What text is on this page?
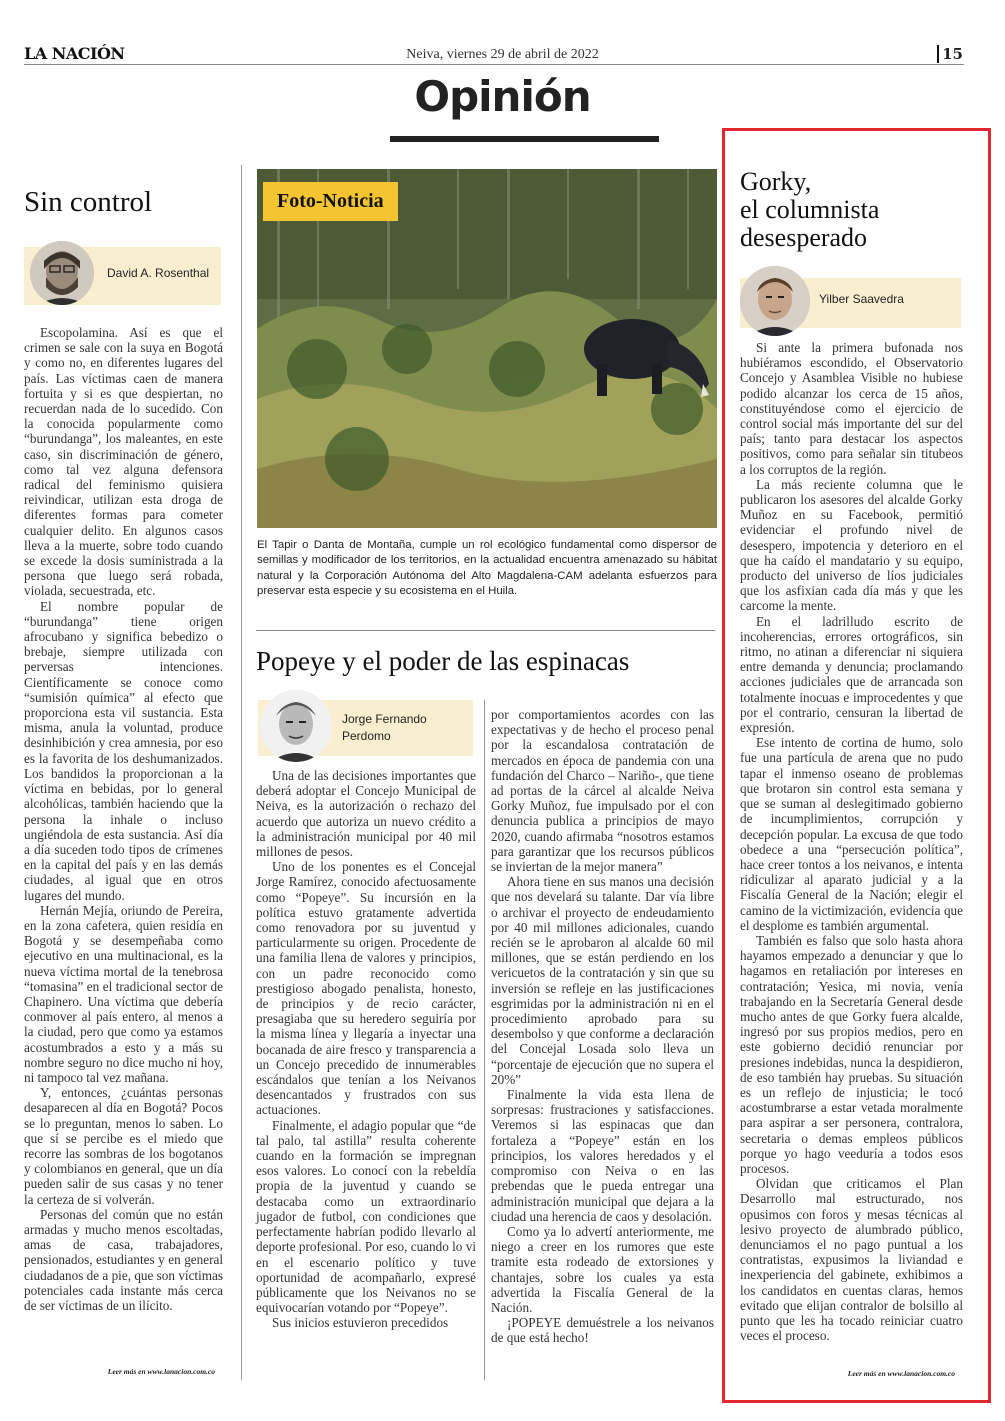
LA NACIÓN	Neiva, viernes 29 de abril de 2022	15
Opinión
Sin control
David A. Rosenthal

Escopolamina. Así es que el crimen se sale con la suya en Bogotá y como no, en diferentes lugares del país. Las víctimas caen de manera fortuita y si es que despiertan, no recuerdan nada de lo sucedido. Con la conocida popularmente como “burundanga”, los maleantes, en este caso, sin discriminación de género, como tal vez alguna defensora radical del feminismo quisiera reivindicar, utilizan esta droga de diferentes formas para cometer cualquier delito. En algunos casos lleva a la muerte, sobre todo cuando se excede la dosis suministrada a la persona que luego será robada, violada, secuestrada, etc.

El nombre popular de “burundanga” tiene origen afrocubano y significa bebedizo o brebaje, siempre utilizada con perversas intenciones. Científicamente se conoce como “sumisión química” al efecto que proporciona esta vil sustancia. Esta misma, anula la voluntad, produce desinhibición y crea amnesia, por eso es la favorita de los deshumanizados. Los bandidos la proporcionan a la víctima en bebidas, por lo general alcohólicas, también haciendo que la persona la inhale o incluso ungiéndola de esta sustancia. Así día a día suceden todo tipos de crímenes en la capital del país y en las demás ciudades, al igual que en otros lugares del mundo.

Hernán Mejía, oriundo de Pereira, en la zona cafetera, quien residía en Bogotá y se desempeñaba como ejecutivo en una multinacional, es la nueva víctima mortal de la tenebrosa “tomasina” en el tradicional sector de Chapinero. Una víctima que debería conmover al país entero, al menos a la ciudad, pero que como ya estamos acostumbrados a esto y a más su nombre seguro no dice mucho ni hoy, ni tampoco tal vez mañana.

Y, entonces, ¿cuántas personas desaparecen al día en Bogotá? Pocos se lo preguntan, menos lo saben. Lo que sí se percibe es el miedo que recorre las sombras de los bogotanos y colombianos en general, que un día pueden salir de sus casas y no tener la certeza de si volverán.

Personas del común que no están armadas y mucho menos escoltadas, amas de casa, trabajadores, pensionados, estudiantes y en general ciudadanos de a pie, que son víctimas potenciales cada instante más cerca de ser víctimas de un ilícito.

Leer más en www.lanacion.com.co
Foto-Noticia

El Tapir o Danta de Montaña, cumple un rol ecológico fundamental como dispersor de semillas y modificador de los territorios, en la actualidad encuentra amenazado su hábitat natural y la Corporación Autónoma del Alto Magdalena-CAM adelanta esfuerzos para preservar esta especie y su ecosistema en el Huila.

Popeye y el poder de las espinacas
Jorge Fernando
Perdomo

Una de las decisiones importantes que deberá adoptar el Concejo Municipal de Neiva, es la autorización o rechazo del acuerdo que autoriza un nuevo crédito a la administración municipal por 40 mil millones de pesos.

Uno de los ponentes es el Concejal Jorge Ramírez, conocido afectuosamente como “Popeye”. Su incursión en la política estuvo gratamente advertida como renovadora por su juventud y particularmente su origen. Procedente de una familia llena de valores y principios, con un padre reconocido como prestigioso abogado penalista, honesto, de principios y de recio carácter, presagiaba que su heredero seguiría por la misma línea y llegaría a inyectar una bocanada de aire fresco y transparencia a un Concejo precedido de innumerables escándalos que tenían a los Neivanos desencantados y frustrados con sus actuaciones.

Finalmente, el adagio popular que “de tal palo, tal astilla” resulta coherente cuando en la formación se impregnan esos valores. Lo conocí con la rebeldía propia de la juventud y cuando se destacaba como un extraordinario jugador de futbol, con condiciones que perfectamente habrían podido llevarlo al deporte profesional. Por eso, cuando lo vi en el escenario político y tuve oportunidad de acompañarlo, expresé públicamente que los Neivanos no se equivocarían votando por “Popeye”.

Sus inicios estuvieron precedidos

por comportamientos acordes con las expectativas y de hecho el proceso penal por la escandalosa contratación de mercados en época de pandemia con una fundación del Charco – Nariño-, que tiene ad portas de la cárcel al alcalde Neiva Gorky Muñoz, fue impulsado por el con denuncia publica a principios de mayo 2020, cuando afirmaba “nosotros estamos para garantizar que los recursos públicos se inviertan de la mejor manera”

Ahora tiene en sus manos una decisión que nos develará su talante. Dar vía libre o archivar el proyecto de endeudamiento por 40 mil millones adicionales, cuando recién se le aprobaron al alcalde 60 mil millones, que se están perdiendo en los vericuetos de la contratación y sin que su inversión se refleje en las justificaciones esgrimidas por la administración ni en el procedimiento aprobado para su desembolso y que conforme a declaración del Concejal Losada solo lleva un “porcentaje de ejecución que no supera el 20%”

Finalmente la vida esta llena de sorpresas: frustraciones y satisfacciones. Veremos si las espinacas que dan fortaleza a “Popeye” están en los principios, los valores heredados y el compromiso con Neiva o en las prebendas que le pueda entregar una administración municipal que dejara a la ciudad una herencia de caos y desolación.

Como ya lo advertí anteriormente, me niego a creer en los rumores que este tramite esta rodeado de extorsiones y chantajes, sobre los cuales ya esta advertida la Fiscalía General de la Nación.

¡POPEYE demuéstrele a los neivanos de que está hecho!

Gorky,
el columnista
desesperado
Yilber Saavedra

Si ante la primera bufonada nos hubiéramos escondido, el Observatorio Concejo y Asamblea Visible no hubiese podido alcanzar los cerca de 15 años, constituyéndose como el ejercicio de control social más importante del sur del país; tanto para destacar los aspectos positivos, como para señalar sin titubeos a los corruptos de la región.

La más reciente columna que le publicaron los asesores del alcalde Gorky Muñoz en su Facebook, permitió evidenciar el profundo nivel de desespero, impotencia y deterioro en el que ha caído el mandatario y su equipo, producto del universo de líos judiciales que los asfixian cada día más y que les carcome la mente.

En el ladrilludo escrito de incoherencias, errores ortográficos, sin ritmo, no atinan a diferenciar ni siquiera entre demanda y denuncia; proclamando acciones judiciales que de arrancada son totalmente inocuas e improcedentes y que por el contrario, censuran la libertad de expresión.

Ese intento de cortina de humo, solo fue una partícula de arena que no pudo tapar el inmenso oseano de problemas que brotaron sin control esta semana y que se suman al deslegitimado gobierno de incumplimientos, corrupción y decepción popular. La excusa de que todo obedece a una “persecución política”, hace creer tontos a los neivanos, e intenta ridiculizar al aparato judicial y a la Fiscalía General de la Nación; elegir el camino de la victimización, evidencia que el desplome es también argumental.

También es falso que solo hasta ahora hayamos empezado a denunciar y que lo hagamos en retaliación por intereses en contratación; Yesica, mi novia, venía trabajando en la Secretaría General desde mucho antes de que Gorky fuera alcalde, ingresó por sus propios medios, pero en este gobierno decidió renunciar por presiones indebidas, nunca la despidieron, de eso también hay pruebas. Su situación es un reflejo de injusticia; le tocó acostumbrarse a estar vetada moralmente para aspirar a ser personera, contralora, secretaria o demas empleos públicos porque yo hago veeduría a todos esos procesos.

Olvidan que criticamos el Plan Desarrollo mal estructurado, nos opusimos con foros y mesas técnicas al lesivo proyecto de alumbrado público, denunciamos el no pago puntual a los contratistas, expusimos la liviandad e inexperiencia del gabinete, exhibimos a los candidatos en cuentas claras, hemos evitado que elijan contralor de bolsillo al punto que les ha tocado reiniciar cuatro veces el proceso.

Leer más en www.lanacion.com.co
